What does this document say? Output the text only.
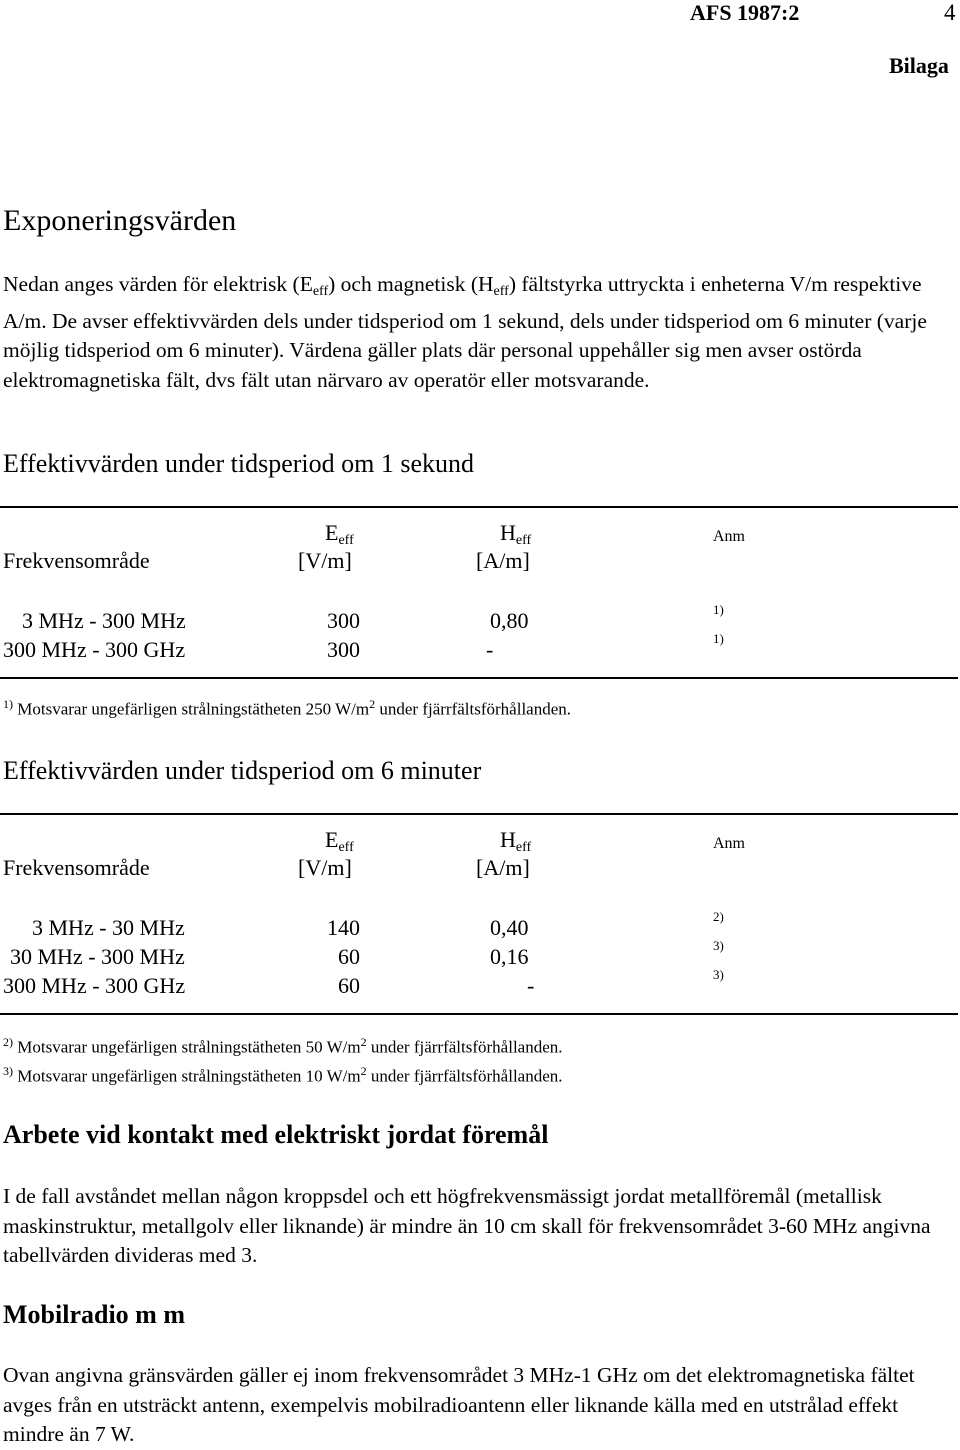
AFS 1987:2	4
Bilaga
Exponeringsvärden
Nedan anges värden för elektrisk $(E_{eff})$ och magnetisk $(H_{eff})$ fältstyrka uttryckta i enheterna V/m respektive A/m. De avser effektivvärden dels under tidsperiod om 1 sekund, dels under tidsperiod om 6 minuter (varje möjlig tidsperiod om 6 minuter). Värdena gäller plats där personal uppehåller sig men avser ostörda elektromagnetiska fält, dvs fält utan närvaro av operatör eller motsvarande.
Effektivvärden under tidsperiod om 1 sekund
$E_{eff}$	$H_{eff}$	Anm
Frekvensområde	[V/m]	[A/m]
3 MHz - 300 MHz	300	0,80	1)
300 MHz - 300 GHz	300	-	1)
$^{1)}$ Motsvarar ungefärligen strålningstätheten 250 $W/m^2$ under fjärrfältsförhållanden.
Effektivvärden under tidsperiod om 6 minuter
$E_{eff}$	$H_{eff}$	Anm
Frekvensområde	[V/m]	[A/m]
3 MHz - 30 MHz	140	0,40	2)
30 MHz - 300 MHz	60	0,16	3)
300 MHz - 300 GHz	60	-	3)
$^{2)}$ Motsvarar ungefärligen strålningstätheten 50 $W/m^2$ under fjärrfältsförhållanden.
$^{3)}$ Motsvarar ungefärligen strålningstätheten 10 $W/m^2$ under fjärrfältsförhållanden.
Arbete vid kontakt med elektriskt jordat föremål
I de fall avståndet mellan någon kroppsdel och ett högfrekvensmässigt jordat metallföremål (metallisk maskinstruktur, metallgolv eller liknande) är mindre än 10 cm skall för frekvensområdet 3-60 MHz angivna tabellvärden divideras med 3.
Mobilradio m m
Ovan angivna gränsvärden gäller ej inom frekvensområdet 3 MHz-1 GHz om det elektromagnetiska fältet avges från en utsträckt antenn, exempelvis mobilradioantenn eller liknande källa med en utstrålad effekt mindre än 7 W.
